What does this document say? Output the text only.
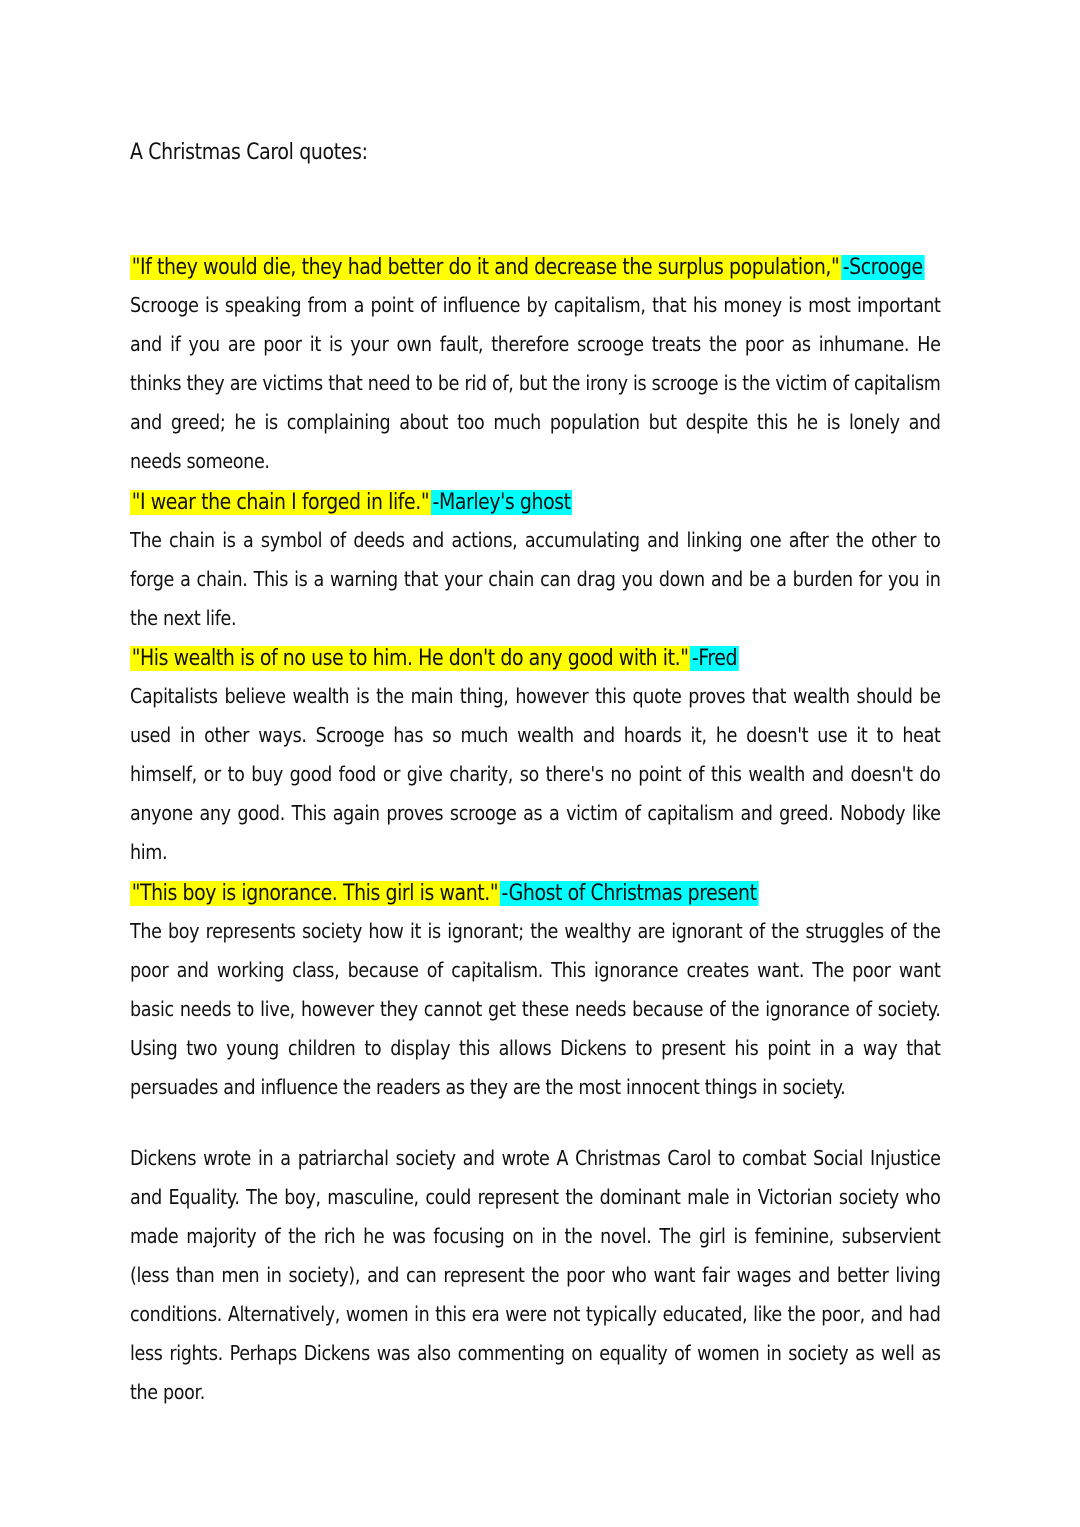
A Christmas Carol quotes:
"If they would die, they had better do it and decrease the surplus population," -Scrooge

Scrooge is speaking from a point of influence by capitalism, that his money is most important and if you are poor it is your own fault, therefore scrooge treats the poor as inhumane. He thinks they are victims that need to be rid of, but the irony is scrooge is the victim of capitalism and greed; he is complaining about too much population but despite this he is lonely and needs someone.

"I wear the chain I forged in life." -Marley's ghost

The chain is a symbol of deeds and actions, accumulating and linking one after the other to forge a chain. This is a warning that your chain can drag you down and be a burden for you in the next life.

"His wealth is of no use to him. He don't do any good with it." -Fred

Capitalists believe wealth is the main thing, however this quote proves that wealth should be used in other ways. Scrooge has so much wealth and hoards it, he doesn't use it to heat himself, or to buy good food or give charity, so there's no point of this wealth and doesn't do anyone any good. This again proves scrooge as a victim of capitalism and greed. Nobody like him.

"This boy is ignorance. This girl is want." -Ghost of Christmas present

The boy represents society how it is ignorant; the wealthy are ignorant of the struggles of the poor and working class, because of capitalism. This ignorance creates want. The poor want basic needs to live, however they cannot get these needs because of the ignorance of society. Using two young children to display this allows Dickens to present his point in a way that persuades and influence the readers as they are the most innocent things in society.

Dickens wrote in a patriarchal society and wrote A Christmas Carol to combat Social Injustice and Equality. The boy, masculine, could represent the dominant male in Victorian society who made majority of the rich he was focusing on in the novel. The girl is feminine, subservient (less than men in society), and can represent the poor who want fair wages and better living conditions. Alternatively, women in this era were not typically educated, like the poor, and had less rights. Perhaps Dickens was also commenting on equality of women in society as well as the poor.
